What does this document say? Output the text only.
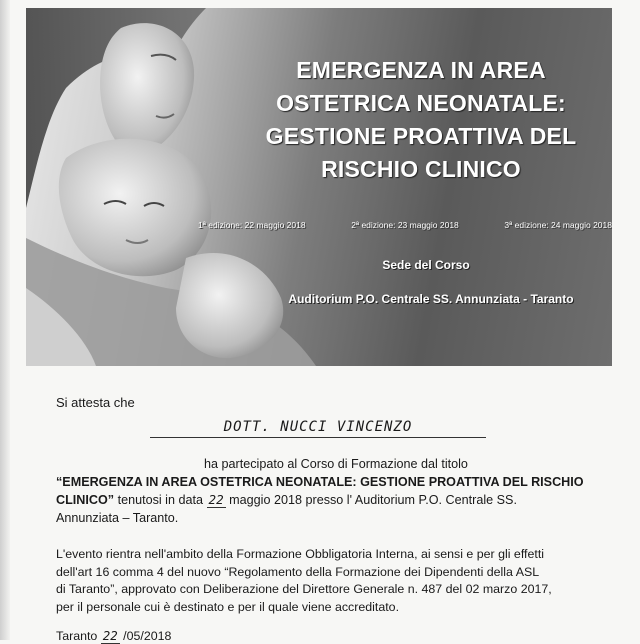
EMERGENZA IN AREA
OSTETRICA NEONATALE:
GESTIONE PROATTIVA DEL
RISCHIO CLINICO
1ª edizione: 22 maggio 2018	2ª edizione: 23 maggio 2018	3ª edizione: 24 maggio 2018
Sede del Corso
Auditorium P.O. Centrale SS. Annunziata - Taranto
Si attesta che
DOTT. NUCCI VINCENZO
ha partecipato al Corso di Formazione dal titolo
“EMERGENZA IN AREA OSTETRICA NEONATALE: GESTIONE PROATTIVA DEL RISCHIO
CLINICO” tenutosi in data 22 maggio 2018 presso l' Auditorium P.O. Centrale SS.
Annunziata – Taranto.
L'evento rientra nell'ambito della Formazione Obbligatoria Interna, ai sensi e per gli effetti
dell'art 16 comma 4 del nuovo “Regolamento della Formazione dei Dipendenti della ASL
di Taranto”, approvato con Deliberazione del Direttore Generale n. 487 del 02 marzo 2017,
per il personale cui è destinato e per il quale viene accreditato.
Taranto 22 /05/2018
